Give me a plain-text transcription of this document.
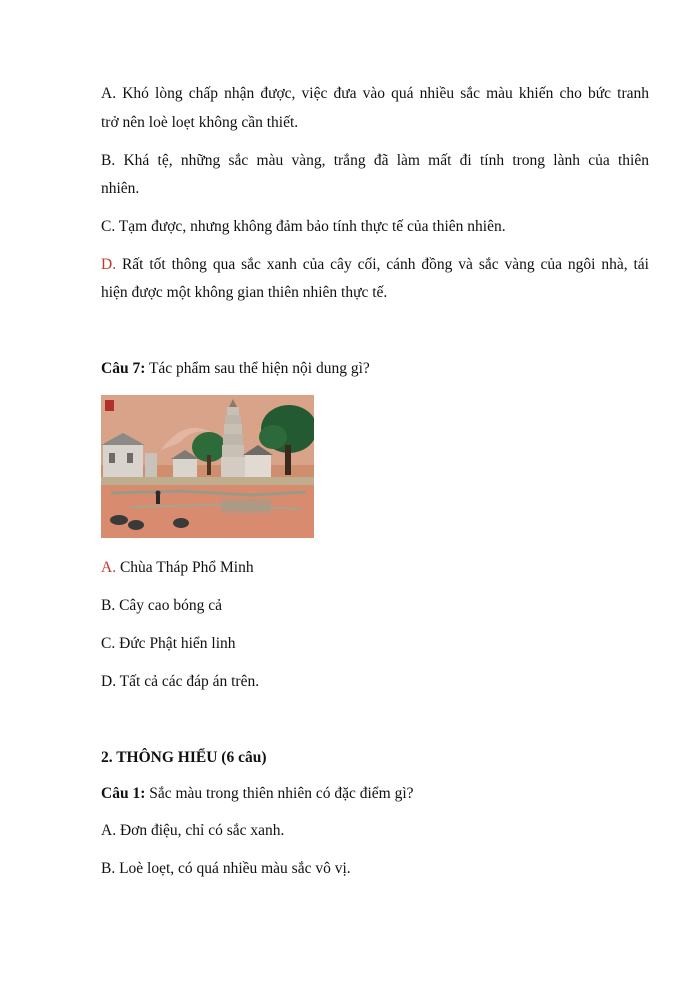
A. Khó lòng chấp nhận được, việc đưa vào quá nhiều sắc màu khiến cho bức tranh
trở nên loè loẹt không cần thiết.
B. Khá tệ, những sắc màu vàng, trắng đã làm mất đi tính trong lành của thiên
nhiên.
C. Tạm được, nhưng không đảm bảo tính thực tế của thiên nhiên.
D. Rất tốt thông qua sắc xanh của cây cối, cánh đồng và sắc vàng của ngôi nhà, tái
hiện được một không gian thiên nhiên thực tế.
Câu 7: Tác phẩm sau thể hiện nội dung gì?
A. Chùa Tháp Phổ Minh
B. Cây cao bóng cả
C. Đức Phật hiển linh
D. Tất cả các đáp án trên.
2. THÔNG HIỂU (6 câu)
Câu 1: Sắc màu trong thiên nhiên có đặc điểm gì?
A. Đơn điệu, chỉ có sắc xanh.
B. Loè loẹt, có quá nhiều màu sắc vô vị.
